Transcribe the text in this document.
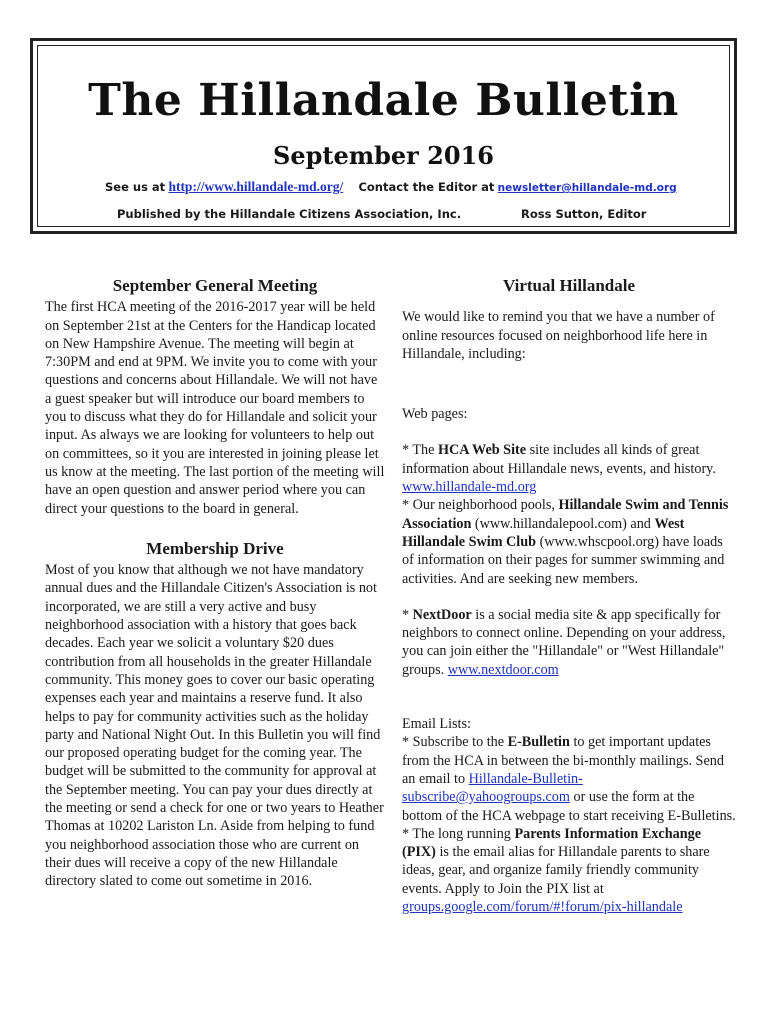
The Hillandale Bulletin
September 2016
See us at http://www.hillandale-md.org/ Contact the Editor at newsletter@hillandale-md.org
Published by the Hillandale Citizens Association, Inc.	Ross Sutton, Editor
September General Meeting

The first HCA meeting of the 2016-2017 year will be held on September 21st at the Centers for the Handicap located on New Hampshire Avenue. The meeting will begin at 7:30PM and end at 9PM. We invite you to come with your questions and concerns about Hillandale. We will not have a guest speaker but will introduce our board members to you to discuss what they do for Hillandale and solicit your input. As always we are looking for volunteers to help out on committees, so it you are interested in joining please let us know at the meeting. The last portion of the meeting will have an open question and answer period where you can direct your questions to the board in general.

Membership Drive

Most of you know that although we not have mandatory annual dues and the Hillandale Citizen's Association is not incorporated, we are still a very active and busy neighborhood association with a history that goes back decades. Each year we solicit a voluntary $20 dues contribution from all households in the greater Hillandale community. This money goes to cover our basic operating expenses each year and maintains a reserve fund. It also helps to pay for community activities such as the holiday party and National Night Out. In this Bulletin you will find our proposed operating budget for the coming year. The budget will be submitted to the community for approval at the September meeting. You can pay your dues directly at the meeting or send a check for one or two years to Heather Thomas at 10202 Lariston Ln. Aside from helping to fund you neighborhood association those who are current on their dues will receive a copy of the new Hillandale directory slated to come out sometime in 2016.

Virtual Hillandale

We would like to remind you that we have a number of online resources focused on neighborhood life here in Hillandale, including:

Web pages:

* The HCA Web Site site includes all kinds of great information about Hillandale news, events, and history. www.hillandale-md.org

* Our neighborhood pools, Hillandale Swim and Tennis Association (www.hillandalepool.com) and West Hillandale Swim Club (www.whscpool.org) have loads of information on their pages for summer swimming and activities. And are seeking new members.

* NextDoor is a social media site & app specifically for neighbors to connect online. Depending on your address, you can join either the "Hillandale" or "West Hillandale" groups. www.nextdoor.com

Email Lists:

* Subscribe to the E-Bulletin to get important updates from the HCA in between the bi-monthly mailings. Send an email to Hillandale-Bulletin-subscribe@yahoogroups.com or use the form at the bottom of the HCA webpage to start receiving E-Bulletins.

* The long running Parents Information Exchange (PIX) is the email alias for Hillandale parents to share ideas, gear, and organize family friendly community events. Apply to Join the PIX list at groups.google.com/forum/#!forum/pix-hillandale
